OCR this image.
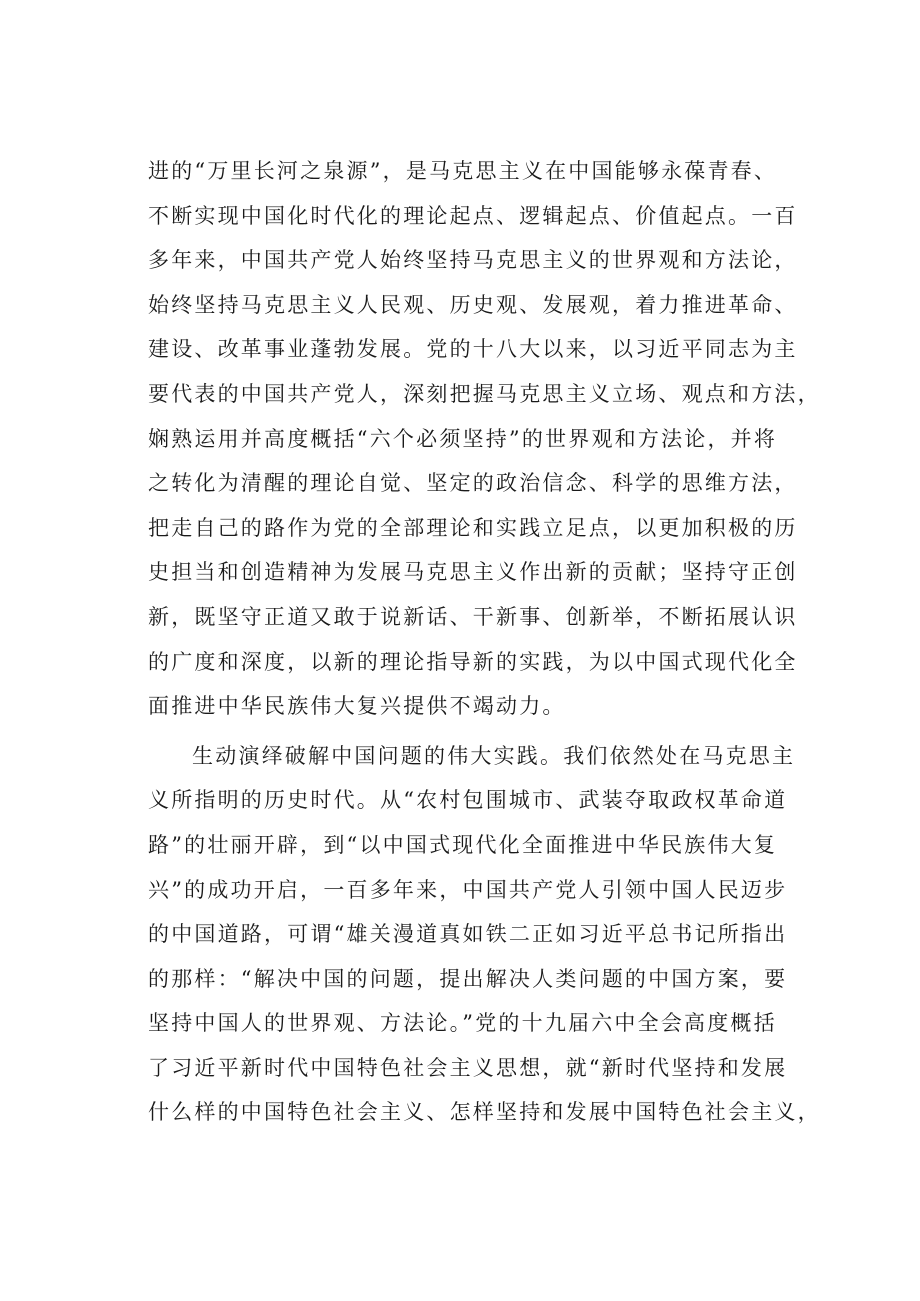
进的“万里长河之泉源”，是马克思主义在中国能够永葆青春、
不断实现中国化时代化的理论起点、逻辑起点、价值起点。一百
多年来，中国共产党人始终坚持马克思主义的世界观和方法论，
始终坚持马克思主义人民观、历史观、发展观，着力推进革命、
建设、改革事业蓬勃发展。党的十八大以来，以习近平同志为主
要代表的中国共产党人，深刻把握马克思主义立场、观点和方法，
娴熟运用并高度概括“六个必须坚持”的世界观和方法论，并将
之转化为清醒的理论自觉、坚定的政治信念、科学的思维方法，
把走自己的路作为党的全部理论和实践立足点，以更加积极的历
史担当和创造精神为发展马克思主义作出新的贡献；坚持守正创
新，既坚守正道又敢于说新话、干新事、创新举，不断拓展认识
的广度和深度，以新的理论指导新的实践，为以中国式现代化全
面推进中华民族伟大复兴提供不竭动力。
生动演绎破解中国问题的伟大实践。我们依然处在马克思主
义所指明的历史时代。从“农村包围城市、武装夺取政权革命道
路”的壮丽开辟，到“以中国式现代化全面推进中华民族伟大复
兴”的成功开启，一百多年来，中国共产党人引领中国人民迈步
的中国道路，可谓“雄关漫道真如铁二正如习近平总书记所指出
的那样：“解决中国的问题，提出解决人类问题的中国方案，要
坚持中国人的世界观、方法论。”党的十九届六中全会高度概括
了习近平新时代中国特色社会主义思想，就“新时代坚持和发展
什么样的中国特色社会主义、怎样坚持和发展中国特色社会主义，
